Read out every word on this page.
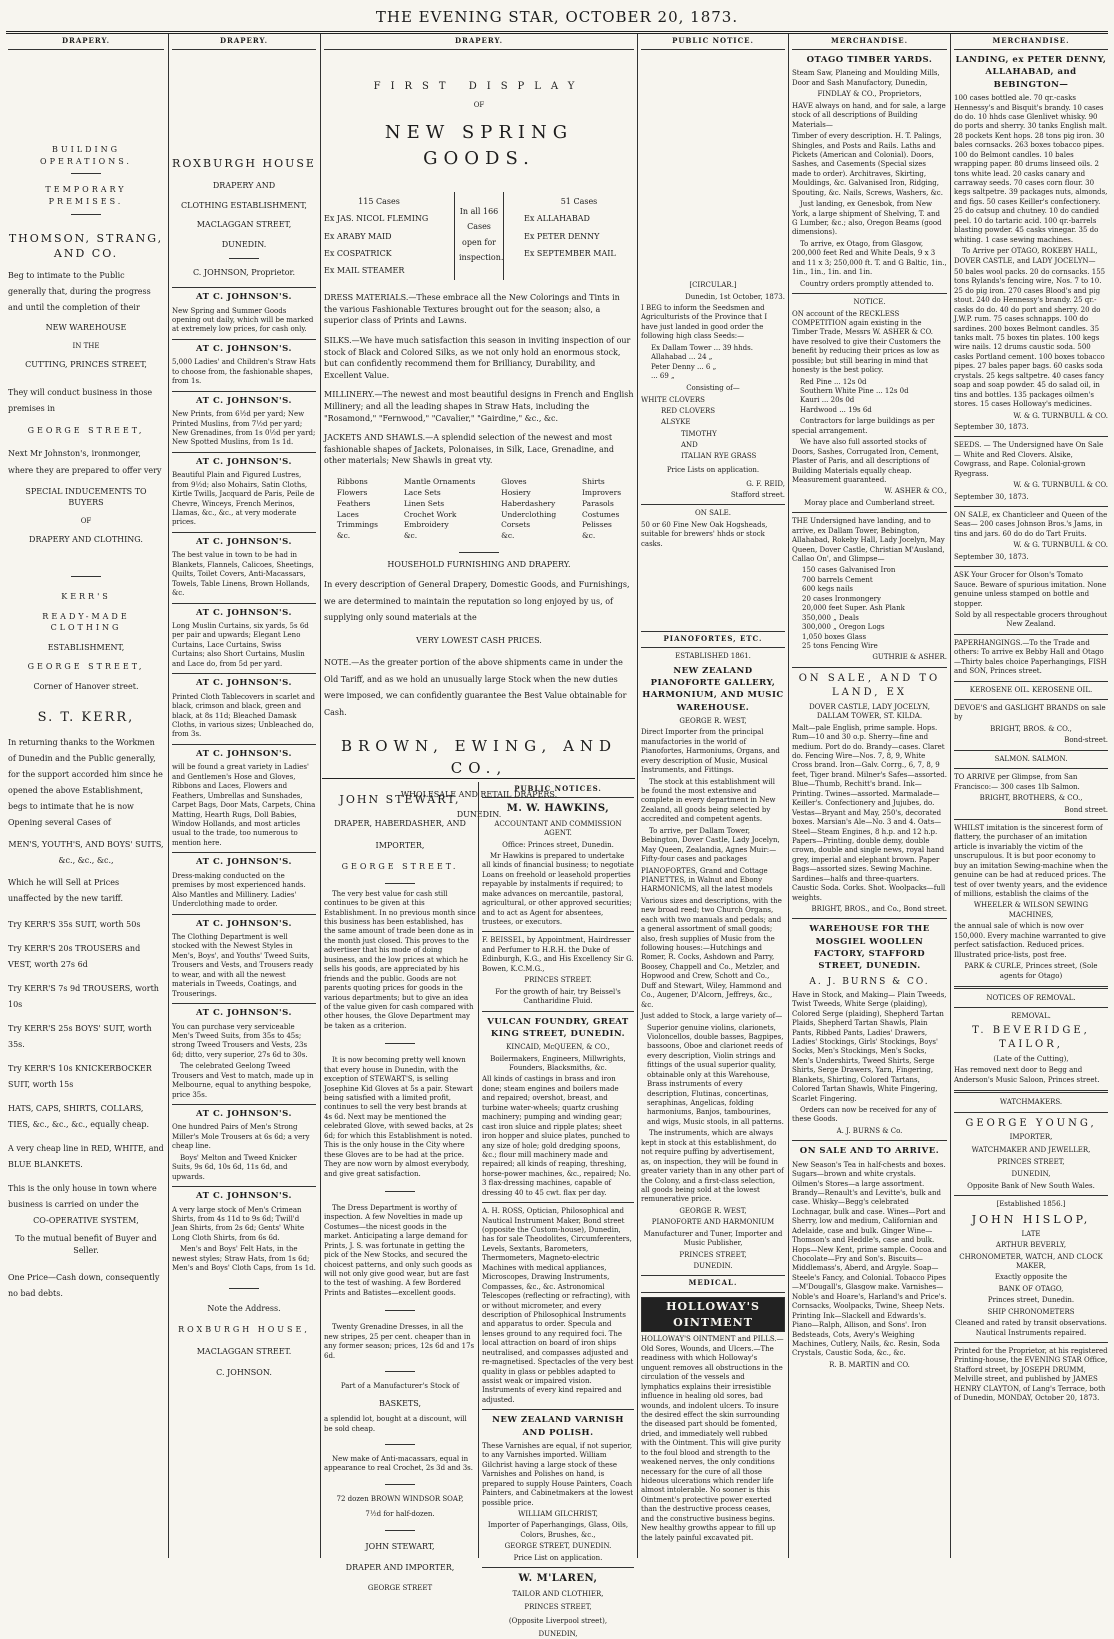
THE EVENING STAR, OCTOBER 20, 1873.
DRAPERY.

BUILDING OPERATIONS.

TEMPORARY PREMISES.

THOMSON, STRANG, AND CO.

Beg to intimate to the Public generally that, during the progress and until the completion of their

NEW WAREHOUSE

IN THE

CUTTING, PRINCES STREET,

They will conduct business in those premises in

GEORGE STREET,

Next Mr Johnston's, ironmonger, where they are prepared to offer very

SPECIAL INDUCEMENTS TO BUYERS

OF

DRAPERY AND CLOTHING.

KERR'S

READY-MADE CLOTHING

ESTABLISHMENT,

GEORGE STREET,

Corner of Hanover street.

S. T. KERR,

In returning thanks to the Workmen of Dunedin and the Public generally, for the support accorded him since he opened the above Establishment, begs to intimate that he is now Opening several Cases of

MEN'S, YOUTH'S, AND BOYS' SUITS, &c., &c., &c.,

Which he will Sell at Prices unaffected by the new tariff.

Try KERR'S 35s SUIT, worth 50s

Try KERR'S 20s TROUSERS and VEST, worth 27s 6d

Try KERR'S 7s 9d TROUSERS, worth 10s

Try KERR'S 25s BOYS' SUIT, worth 35s.

Try KERR'S 10s KNICKERBOCKER SUIT, worth 15s

HATS, CAPS, SHIRTS, COLLARS, TIES, &c., &c., &c., equally cheap.

A very cheap line in RED, WHITE, and BLUE BLANKETS.

This is the only house in town where business is carried on under the

CO-OPERATIVE SYSTEM,

To the mutual benefit of Buyer and Seller.

One Price—Cash down, consequently no bad debts.

DRAPERY.

ROXBURGH HOUSE

DRAPERY AND

CLOTHING ESTABLISHMENT,

MACLAGGAN STREET,

DUNEDIN.

C. JOHNSON, Proprietor.

AT C. JOHNSON'S.

New Spring and Summer Goods opening out daily, which will be marked at extremely low prices, for cash only.

AT C. JOHNSON'S.

5,000 Ladies' and Children's Straw Hats to choose from, the fashionable shapes, from 1s.

AT C. JOHNSON'S.

New Prints, from 6½d per yard; New Printed Muslins, from 7½d per yard; New Grenadines, from 1s 0½d per yard; New Spotted Muslins, from 1s 1d.

AT C. JOHNSON'S.

Beautiful Plain and Figured Lustres, from 9½d; also Mohairs, Satin Cloths, Kirtle Twills, Jacquard de Paris, Peile de Chevre, Winceys, French Merinos, Llamas, &c., &c., at very moderate prices.

AT C. JOHNSON'S.

The best value in town to be had in Blankets, Flannels, Calicoes, Sheetings, Quilts, Toilet Covers, Anti-Macassars, Towels, Table Linens, Brown Hollands, &c.

AT C. JOHNSON'S.

Long Muslin Curtains, six yards, 5s 6d per pair and upwards; Elegant Leno Curtains, Lace Curtains, Swiss Curtains; also Short Curtains, Muslin and Lace do, from 5d per yard.

AT C. JOHNSON'S.

Printed Cloth Tablecovers in scarlet and black, crimson and black, green and black, at 8s 11d; Bleached Damask Cloths, in various sizes; Unbleached do, from 3s.

AT C. JOHNSON'S.

will be found a great variety in Ladies' and Gentlemen's Hose and Gloves, Ribbons and Laces, Flowers and Feathers, Umbrellas and Sunshades, Carpet Bags, Door Mats, Carpets, China Matting, Hearth Rugs, Doll Babies, Window Hollands, and most articles usual to the trade, too numerous to mention here.

AT C. JOHNSON'S.

Dress-making conducted on the premises by most experienced hands. Also Mantles and Millinery. Ladies' Underclothing made to order.

AT C. JOHNSON'S.

The Clothing Department is well stocked with the Newest Styles in Men's, Boys', and Youths' Tweed Suits, Trousers and Vests, and Trousers ready to wear, and with all the newest materials in Tweeds, Coatings, and Trouserings.

AT C. JOHNSON'S.

You can purchase very serviceable Men's Tweed Suits, from 35s to 45s; strong Tweed Trousers and Vests, 23s 6d; ditto, very superior, 27s 6d to 30s.

The celebrated Geelong Tweed Trousers and Vest to match, made up in Melbourne, equal to anything bespoke, price 35s.

AT C. JOHNSON'S.

One hundred Pairs of Men's Strong Miller's Mole Trousers at 6s 6d; a very cheap line.

Boys' Melton and Tweed Knicker Suits, 9s 6d, 10s 6d, 11s 6d, and upwards.

AT C. JOHNSON'S.

A very large stock of Men's Crimean Shirts, from 4s 11d to 9s 6d; Twill'd Jean Shirts, from 2s 6d; Gents' White Long Cloth Shirts, from 6s 6d.

Men's and Boys' Felt Hats, in the newest styles; Straw Hats, from 1s 6d; Men's and Boys' Cloth Caps, from 1s 1d.

Note the Address.

ROXBURGH HOUSE,

MACLAGGAN STREET.

C. JOHNSON.

DRAPERY.

FIRST DISPLAY

OF

NEW SPRING GOODS.

115 Cases

Ex JAS. NICOL FLEMING

Ex ARABY MAID

Ex COSPATRICK

Ex MAIL STEAMER

In all 166 Cases open for inspection.

51 Cases

Ex ALLAHABAD

Ex PETER DENNY

Ex SEPTEMBER MAIL

DRESS MATERIALS.—These embrace all the New Colorings and Tints in the various Fashionable Textures brought out for the season; also, a superior class of Prints and Lawns.

SILKS.—We have much satisfaction this season in inviting inspection of our stock of Black and Colored Silks, as we not only hold an enormous stock, but can confidently recommend them for Brilliancy, Durability, and Excellent Value.

MILLINERY.—The newest and most beautiful designs in French and English Millinery; and all the leading shapes in Straw Hats, including the "Rosamond," "Fernwood," "Cavalier," "Gairdine," &c., &c.

JACKETS AND SHAWLS.—A splendid selection of the newest and most fashionable shapes of Jackets, Polonaises, in Silk, Lace, Grenadine, and other materials; New Shawls in great vty.

Ribbons
Flowers
Feathers
Laces
Trimmings
&c.
Mantle Ornaments
Lace Sets
Linen Sets
Crochet Work
Embroidery
&c.
Gloves
Hosiery
Haberdashery
Underclothing
Corsets
&c.
Shirts
Improvers
Parasols
Costumes
Pelisses
&c.

HOUSEHOLD FURNISHING AND DRAPERY.

In every description of General Drapery, Domestic Goods, and Furnishings, we are determined to maintain the reputation so long enjoyed by us, of supplying only sound materials at the

VERY LOWEST CASH PRICES.

NOTE.—As the greater portion of the above shipments came in under the Old Tariff, and as we hold an unusually large Stock when the new duties were imposed, we can confidently guarantee the Best Value obtainable for Cash.

BROWN, EWING, AND CO.,

WHOLESALE AND RETAIL DRAPERS,

DUNEDIN.

JOHN STEWART,

DRAPER, HABERDASHER, AND

IMPORTER,

GEORGE STREET.

The very best value for cash still continues to be given at this Establishment. In no previous month since this business has been established, has the same amount of trade been done as in the month just closed. This proves to the advertiser that his mode of doing business, and the low prices at which he sells his goods, are appreciated by his friends and the public. Goods are not parents quoting prices for goods in the various departments; but to give an idea of the value given for cash compared with other houses, the Glove Department may be taken as a criterion.

It is now becoming pretty well known that every house in Dunedin, with the exception of STEWART'S, is selling Josephine Kid Gloves at 5s a pair. Stewart being satisfied with a limited profit, continues to sell the very best brands at 4s 6d. Next may be mentioned the celebrated Glove, with sewed backs, at 2s 6d; for which this Establishment is noted. This is the only house in the City where these Gloves are to be had at the price. They are now worn by almost everybody, and give great satisfaction.

The Dress Department is worthy of inspection. A few Novelties in made up Costumes—the nicest goods in the market. Anticipating a large demand for Prints, J. S. was fortunate in getting the pick of the New Stocks, and secured the choicest patterns, and only such goods as will not only give good wear, but are fast to the test of washing. A few Bordered Prints and Batistes—excellent goods.

Twenty Grenadine Dresses, in all the new stripes, 25 per cent. cheaper than in any former season; prices, 12s 6d and 17s 6d.

Part of a Manufacturer's Stock of

BASKETS,

a splendid lot, bought at a discount, will be sold cheap.

New make of Anti-macassars, equal in appearance to real Crochet, 2s 3d and 3s.

72 dozen BROWN WINDSOR SOAP,

7½d for half-dozen.

JOHN STEWART,

DRAPER AND IMPORTER,

GEORGE STREET

PUBLIC NOTICES.

M. W. HAWKINS,

ACCOUNTANT AND COMMISSION AGENT.

Office: Princes street, Dunedin.

Mr Hawkins is prepared to undertake all kinds of financial business; to negotiate Loans on freehold or leasehold properties repayable by instalments if required; to make advances on mercantile, pastoral, agricultural, or other approved securities; and to act as Agent for absentees, trustees, or executors.

F. BEISSEL, by Appointment, Hairdresser and Perfumer to H.R.H. the Duke of Edinburgh, K.G., and His Excellency Sir G. Bowen, K.C.M.G.,

PRINCES STREET.

For the growth of hair, try Beissel's Cantharidine Fluid.

VULCAN FOUNDRY, GREAT KING STREET, DUNEDIN.

KINCAID, McQUEEN, & CO.,

Boilermakers, Engineers, Millwrights, Founders, Blacksmiths, &c.

All kinds of castings in brass and iron done; steam engines and boilers made and repaired; overshot, breast, and turbine water-wheels; quartz crushing machinery; pumping and winding gear; cast iron sluice and ripple plates; sheet iron hopper and sluice plates, punched to any size of hole; gold dredging spoons, &c.; flour mill machinery made and repaired; all kinds of reaping, threshing, horse-power machines, &c., repaired; No. 3 flax-dressing machines, capable of dressing 40 to 45 cwt. flax per day.

A. H. ROSS, Optician, Philosophical and Nautical Instrument Maker, Bond street (opposite the Custom-house), Dunedin, has for sale Theodolites, Circumferenters, Levels, Sextants, Barometers, Thermometers, Magneto-electric Machines with medical appliances, Microscopes, Drawing Instruments, Compasses, &c., &c. Astronomical Telescopes (reflecting or refracting), with or without micrometer, and every description of Philosophical Instruments and apparatus to order. Specula and lenses ground to any required foci. The local attraction on board of iron ships neutralised, and compasses adjusted and re-magnetised. Spectacles of the very best quality in glass or pebbles adapted to assist weak or impaired vision. Instruments of every kind repaired and adjusted.

NEW ZEALAND VARNISH AND POLISH.

These Varnishes are equal, if not superior, to any Varnishes imported. William Gilchrist having a large stock of these Varnishes and Polishes on hand, is prepared to supply House Painters, Coach Painters, and Cabinetmakers at the lowest possible price.

WILLIAM GILCHRIST,

Importer of Paperhangings, Glass, Oils, Colors, Brushes, &c.,

GEORGE STREET, DUNEDIN.

Price List on application.

W. M'LAREN,

TAILOR AND CLOTHIER,

PRINCES STREET,

(Opposite Liverpool street),

DUNEDIN,

PUBLIC NOTICE.

[CIRCULAR.]

Dunedin, 1st October, 1873.

I BEG to inform the Seedsmen and Agriculturists of the Province that I have just landed in good order the following high class Seeds:—

Ex Dallam Tower ... 39 hhds.
Allahabad ... 24 „
Peter Denny ... 6 „
... 69 „

Consisting of—

WHITE CLOVERS
RED CLOVERS
ALSYKE
TIMOTHY
AND
ITALIAN RYE GRASS

Price Lists on application.

G. F. REID,

Stafford street.

ON SALE.

50 or 60 Fine New Oak Hogsheads, suitable for brewers' hhds or stock casks.

PIANOFORTES, ETC.

ESTABLISHED 1861.

NEW ZEALAND PIANOFORTE GALLERY, HARMONIUM, AND MUSIC WAREHOUSE.

GEORGE R. WEST,

Direct Importer from the principal manufactories in the world of Pianofortes, Harmoniums, Organs, and every description of Music, Musical Instruments, and Fittings.

The stock at this establishment will be found the most extensive and complete in every department in New Zealand, all goods being selected by accredited and competent agents.

To arrive, per Dallam Tower, Bebington, Dover Castle, Lady Jocelyn, May Queen, Zealandia, Agnes Muir:—Fifty-four cases and packages

PIANOFORTES, Grand and Cottage PIANETTES, in Walnut and Ebony HARMONICMS, all the latest models

Various sizes and descriptions, with the new broad reed; two Church Organs, each with two manuals and pedals; and a general assortment of small goods; also, fresh supplies of Music from the following houses:—Hutchings and Romer, R. Cocks, Ashdown and Parry, Boosey, Chappell and Co., Metzler, and Hopwood and Crew, Schott and Co., Duff and Stewart, Wiley, Hammond and Co., Augener, D'Alcorn, Jeffreys, &c., &c.

Just added to Stock, a large variety of—

Superior genuine violins, clarionets, Violoncellos, double basses, Bagpipes, bassoons, Oboe and clarionet reeds of every description, Violin strings and fittings of the usual superior quality, obtainable only at this Warehouse, Brass instruments of every description, Flutinas, concertinas, seraphinas, Angelicas, folding harmoniums, Banjos, tambourines, and wigs, Music stools, in all patterns.

The instruments, which are always kept in stock at this establishment, do not require puffing by advertisement, as, on inspection, they will be found in greater variety than in any other part of the Colony, and a first-class selection, all goods being sold at the lowest remunerative price.

GEORGE R. WEST,

PIANOFORTE AND HARMONIUM

Manufacturer and Tuner, Importer and Music Publisher,

PRINCES STREET,

DUNEDIN.

MEDICAL.

HOLLOWAY'S OINTMENT

HOLLOWAY'S OINTMENT and PILLS.—Old Sores, Wounds, and Ulcers.—The readiness with which Holloway's unguent removes all obstructions in the circulation of the vessels and lymphatics explains their irresistible influence in healing old sores, bad wounds, and indolent ulcers. To insure the desired effect the skin surrounding the diseased part should be fomented, dried, and immediately well rubbed with the Ointment. This will give purity to the foul blood and strength to the weakened nerves, the only conditions necessary for the cure of all those hideous ulcerations which render life almost intolerable. No sooner is this Ointment's protective power exerted than the destructive process ceases, and the constructive business begins. New healthy growths appear to fill up the lately painful excavated pit.

MERCHANDISE.

OTAGO TIMBER YARDS.

Steam Saw, Planeing and Moulding Mills, Door and Sash Manufactory, Dunedin,

FINDLAY & CO., Proprietors,

HAVE always on hand, and for sale, a large stock of all descriptions of Building Materials—

Timber of every description. H. T. Palings, Shingles, and Posts and Rails. Laths and Pickets (American and Colonial). Doors, Sashes, and Casements (Special sizes made to order). Architraves, Skirting, Mouldings, &c. Galvanised Iron, Ridging, Spouting, &c. Nails, Screws, Washers, &c.

Just landing, ex Genesbok, from New York, a large shipment of Shelving, T. and G Lumber, &c.; also, Oregon Beams (good dimensions).

To arrive, ex Otago, from Glasgow, 200,000 feet Red and White Deals, 9 x 3 and 11 x 3; 250,000 ft. T. and G Baltic, 1in., 1in., 1in., 1in. and 1in.

Country orders promptly attended to.

NOTICE.

ON account of the RECKLESS COMPETITION again existing in the Timber Trade, Messrs W. ASHER & CO. have resolved to give their Customers the benefit by reducing their prices as low as possible; but still bearing in mind that honesty is the best policy.

Red Pine ... 12s 0d
Southern White Pine ... 12s 0d
Kauri ... 20s 0d
Hardwood ... 19s 6d

Contractors for large buildings as per special arrangement.

We have also full assorted stocks of Doors, Sashes, Corrugated Iron, Cement, Plaster of Paris, and all descriptions of Building Materials equally cheap. Measurement guaranteed.

W. ASHER & CO.,

Moray place and Cumberland street.

THE Undersigned have landing, and to arrive, ex Dallam Tower, Bebington, Allahabad, Rokeby Hall, Lady Jocelyn, May Queen, Dover Castle, Christian M'Ausland, Callao On', and Glimpse—

150 cases Galvanised Iron
700 barrels Cement
600 kegs nails
20 cases Ironmongery
20,000 feet Super. Ash Plank
350,000 „ Deals
300,000 „ Oregon Logs
1,050 boxes Glass
25 tons Fencing Wire

GUTHRIE & ASHER.

ON SALE, AND TO LAND, EX

DOVER CASTLE, LADY JOCELYN, DALLAM TOWER, ST. KILDA.

Malt—pale English, prime sample. Hops. Rum—10 and 30 o.p. Sherry—fine and medium. Port do do. Brandy—cases. Claret do. Fencing Wire—Nos. 7, 8, 9, White Cross brand. Iron—Galv. Corrg., 6, 7, 8, 9 feet, Tiger brand. Milner's Safes—assorted. Blue—Thumb, Rechitt's brand. Ink—Printing. Twines—assorted. Marmalade—Keiller's. Confectionery and Jujubes, do. Vestas—Bryant and May, 250's, decorated boxes. Marsian's Ale—No. 3 and 4. Oats—Steel—Steam Engines, 8 h.p. and 12 h.p. Papers—Printing, double demy, double crown, double and single news, royal hand grey, imperial and elephant brown. Paper Bags—assorted sizes. Sewing Machine. Sardines—halfs and three-quarters. Caustic Soda. Corks. Shot. Woolpacks—full weights.

BRIGHT, BROS., and Co., Bond street.

WAREHOUSE FOR THE MOSGIEL WOOLLEN FACTORY, STAFFORD STREET, DUNEDIN.

A. J. BURNS & CO.

Have in Stock, and Making— Plain Tweeds, Twist Tweeds, White Serge (plaiding), Colored Serge (plaiding), Shepherd Tartan Plaids, Shepherd Tartan Shawls, Plain Pants, Ribbed Pants, Ladies' Drawers, Ladies' Stockings, Girls' Stockings, Boys' Socks, Men's Stockings, Men's Socks, Men's Undershirts, Tweed Shirts, Serge Shirts, Serge Drawers, Yarn, Fingering, Blankets, Shirting, Colored Tartans, Colored Tartan Shawls, White Fingering, Scarlet Fingering.

Orders can now be received for any of these Goods.

A. J. BURNS & Co.

ON SALE AND TO ARRIVE.

New Season's Tea in half-chests and boxes. Sugars—brown and white crystals. Oilmen's Stores—a large assortment. Brandy—Renault's and Levitte's, bulk and case. Whisky—Begg's celebrated Lochnagar, bulk and case. Wines—Port and Sherry, low and medium, Californian and Adelaide, case and bulk. Ginger Wine—Thomson's and Heddle's, case and bulk. Hops—New Kent, prime sample. Cocoa and Chocolate—Fry and Son's. Biscuits—Middlemass's, Aberd, and Argyle. Soap—Steele's Fancy, and Colonial. Tobacco Pipes—M'Dougall's, Glasgow make. Varnishes—Noble's and Hoare's, Harland's and Price's. Cornsacks, Woolpacks, Twine, Sheep Nets. Printing Ink—Slackell and Edwards's. Piano—Ralph, Allison, and Sons'. Iron Bedsteads, Cots, Avery's Weighing Machines, Cutlery, Nails, &c. Resin, Soda Crystals, Caustic Soda, &c., &c.

R. B. MARTIN and CO.

MERCHANDISE.

LANDING, ex PETER DENNY, ALLAHABAD, and BEBINGTON—

100 cases bottled ale. 70 qr.-casks Hennessy's and Bisquit's brandy. 10 cases do do. 10 hhds case Glenlivet whisky. 90 do ports and sherry. 30 tanks English malt. 28 pockets Kent hops. 28 tons pig iron. 30 bales cornsacks. 263 boxes tobacco pipes. 100 do Belmont candles. 10 bales wrapping paper. 80 drums linseed oils. 2 tons white lead. 20 casks canary and carraway seeds. 70 cases corn flour. 30 kegs saltpetre. 39 packages nuts, almonds, and figs. 50 cases Keiller's confectionery. 25 do catsup and chutney. 10 do candied peel. 10 do tartaric acid. 100 qr.-barrels blasting powder. 45 casks vinegar. 35 do whiting. 1 case sewing machines.

To Arrive per OTAGO, ROKEBY HALL, DOVER CASTLE, and LADY JOCELYN—

50 bales wool packs. 20 do cornsacks. 155 tons Rylands's fencing wire, Nos. 7 to 10. 25 do pig iron. 270 cases Blood's and pig stout. 240 do Hennessy's brandy. 25 qr.-casks do do. 40 do port and sherry. 20 do J.W.P. rum. 75 cases schnapps. 100 do sardines. 200 boxes Belmont candles. 35 tanks malt. 75 boxes tin plates. 100 kegs wire nails. 12 drums caustic soda. 500 casks Portland cement. 100 boxes tobacco pipes. 27 bales paper bags. 60 casks soda crystals. 25 kegs saltpetre. 40 cases fancy soap and soap powder. 45 do salad oil, in tins and bottles. 135 packages oilmen's stores. 15 cases Holloway's medicines.

W. & G. TURNBULL & CO.

September 30, 1873.

SEEDS. — The Undersigned have On Sale— White and Red Clovers. Alsike, Cowgrass, and Rape. Colonial-grown Ryegrass.

W. & G. TURNBULL & CO.

September 30, 1873.

ON SALE, ex Chanticleer and Queen of the Seas— 200 cases Johnson Bros.'s Jams, in tins and jars. 60 do do do Tart Fruits.

W. & G. TURNBULL & CO.

September 30, 1873.

ASK Your Grocer for Olson's Tomato Sauce. Beware of spurious imitation. None genuine unless stamped on bottle and stopper.

Sold by all respectable grocers throughout New Zealand.

PAPERHANGINGS.—To the Trade and others: To arrive ex Bebby Hall and Otago—Thirty bales choice Paperhangings, FISH and SON, Princes street.

KEROSENE OIL. KEROSENE OIL.

DEVOE'S and GASLIGHT BRANDS on sale by

BRIGHT, BROS. & CO.,

Bond-street.

SALMON. SALMON.

TO ARRIVE per Glimpse, from San Francisco:— 300 cases 1lb Salmon.

BRIGHT, BROTHERS, & CO.,

Bond street.

WHILST imitation is the sincerest form of flattery, the purchaser of an imitation article is invariably the victim of the unscrupulous. It is but poor economy to buy an imitation Sewing-machine when the genuine can be had at reduced prices. The test of over twenty years, and the evidence of millions, establish the claims of the

WHEELER & WILSON SEWING MACHINES,

the annual sale of which is now over 150,000. Every machine warranted to give perfect satisfaction. Reduced prices. Illustrated price-lists, post free.

PARK & CURLE, Princes street, (Sole agents for Otago)

NOTICES OF REMOVAL.

REMOVAL.

T. BEVERIDGE, TAILOR,

(Late of the Cutting),

Has removed next door to Begg and Anderson's Music Saloon, Princes street.

WATCHMAKERS.

GEORGE YOUNG,

IMPORTER,

WATCHMAKER AND JEWELLER,

PRINCES STREET,

DUNEDIN,

Opposite Bank of New South Wales.

[Established 1856.]

JOHN HISLOP,

LATE

ARTHUR BEVERLY,

CHRONOMETER, WATCH, AND CLOCK MAKER,

Exactly opposite the

BANK OF OTAGO,

Princes street, Dunedin.

SHIP CHRONOMETERS

Cleaned and rated by transit observations. Nautical Instruments repaired.

Printed for the Proprietor, at his registered Printing-house, the EVENING STAR Office, Stafford street, by JOSEPH DRUMM, Melville street, and published by JAMES HENRY CLAYTON, of Lang's Terrace, both of Dunedin, MONDAY, October 20, 1873.
